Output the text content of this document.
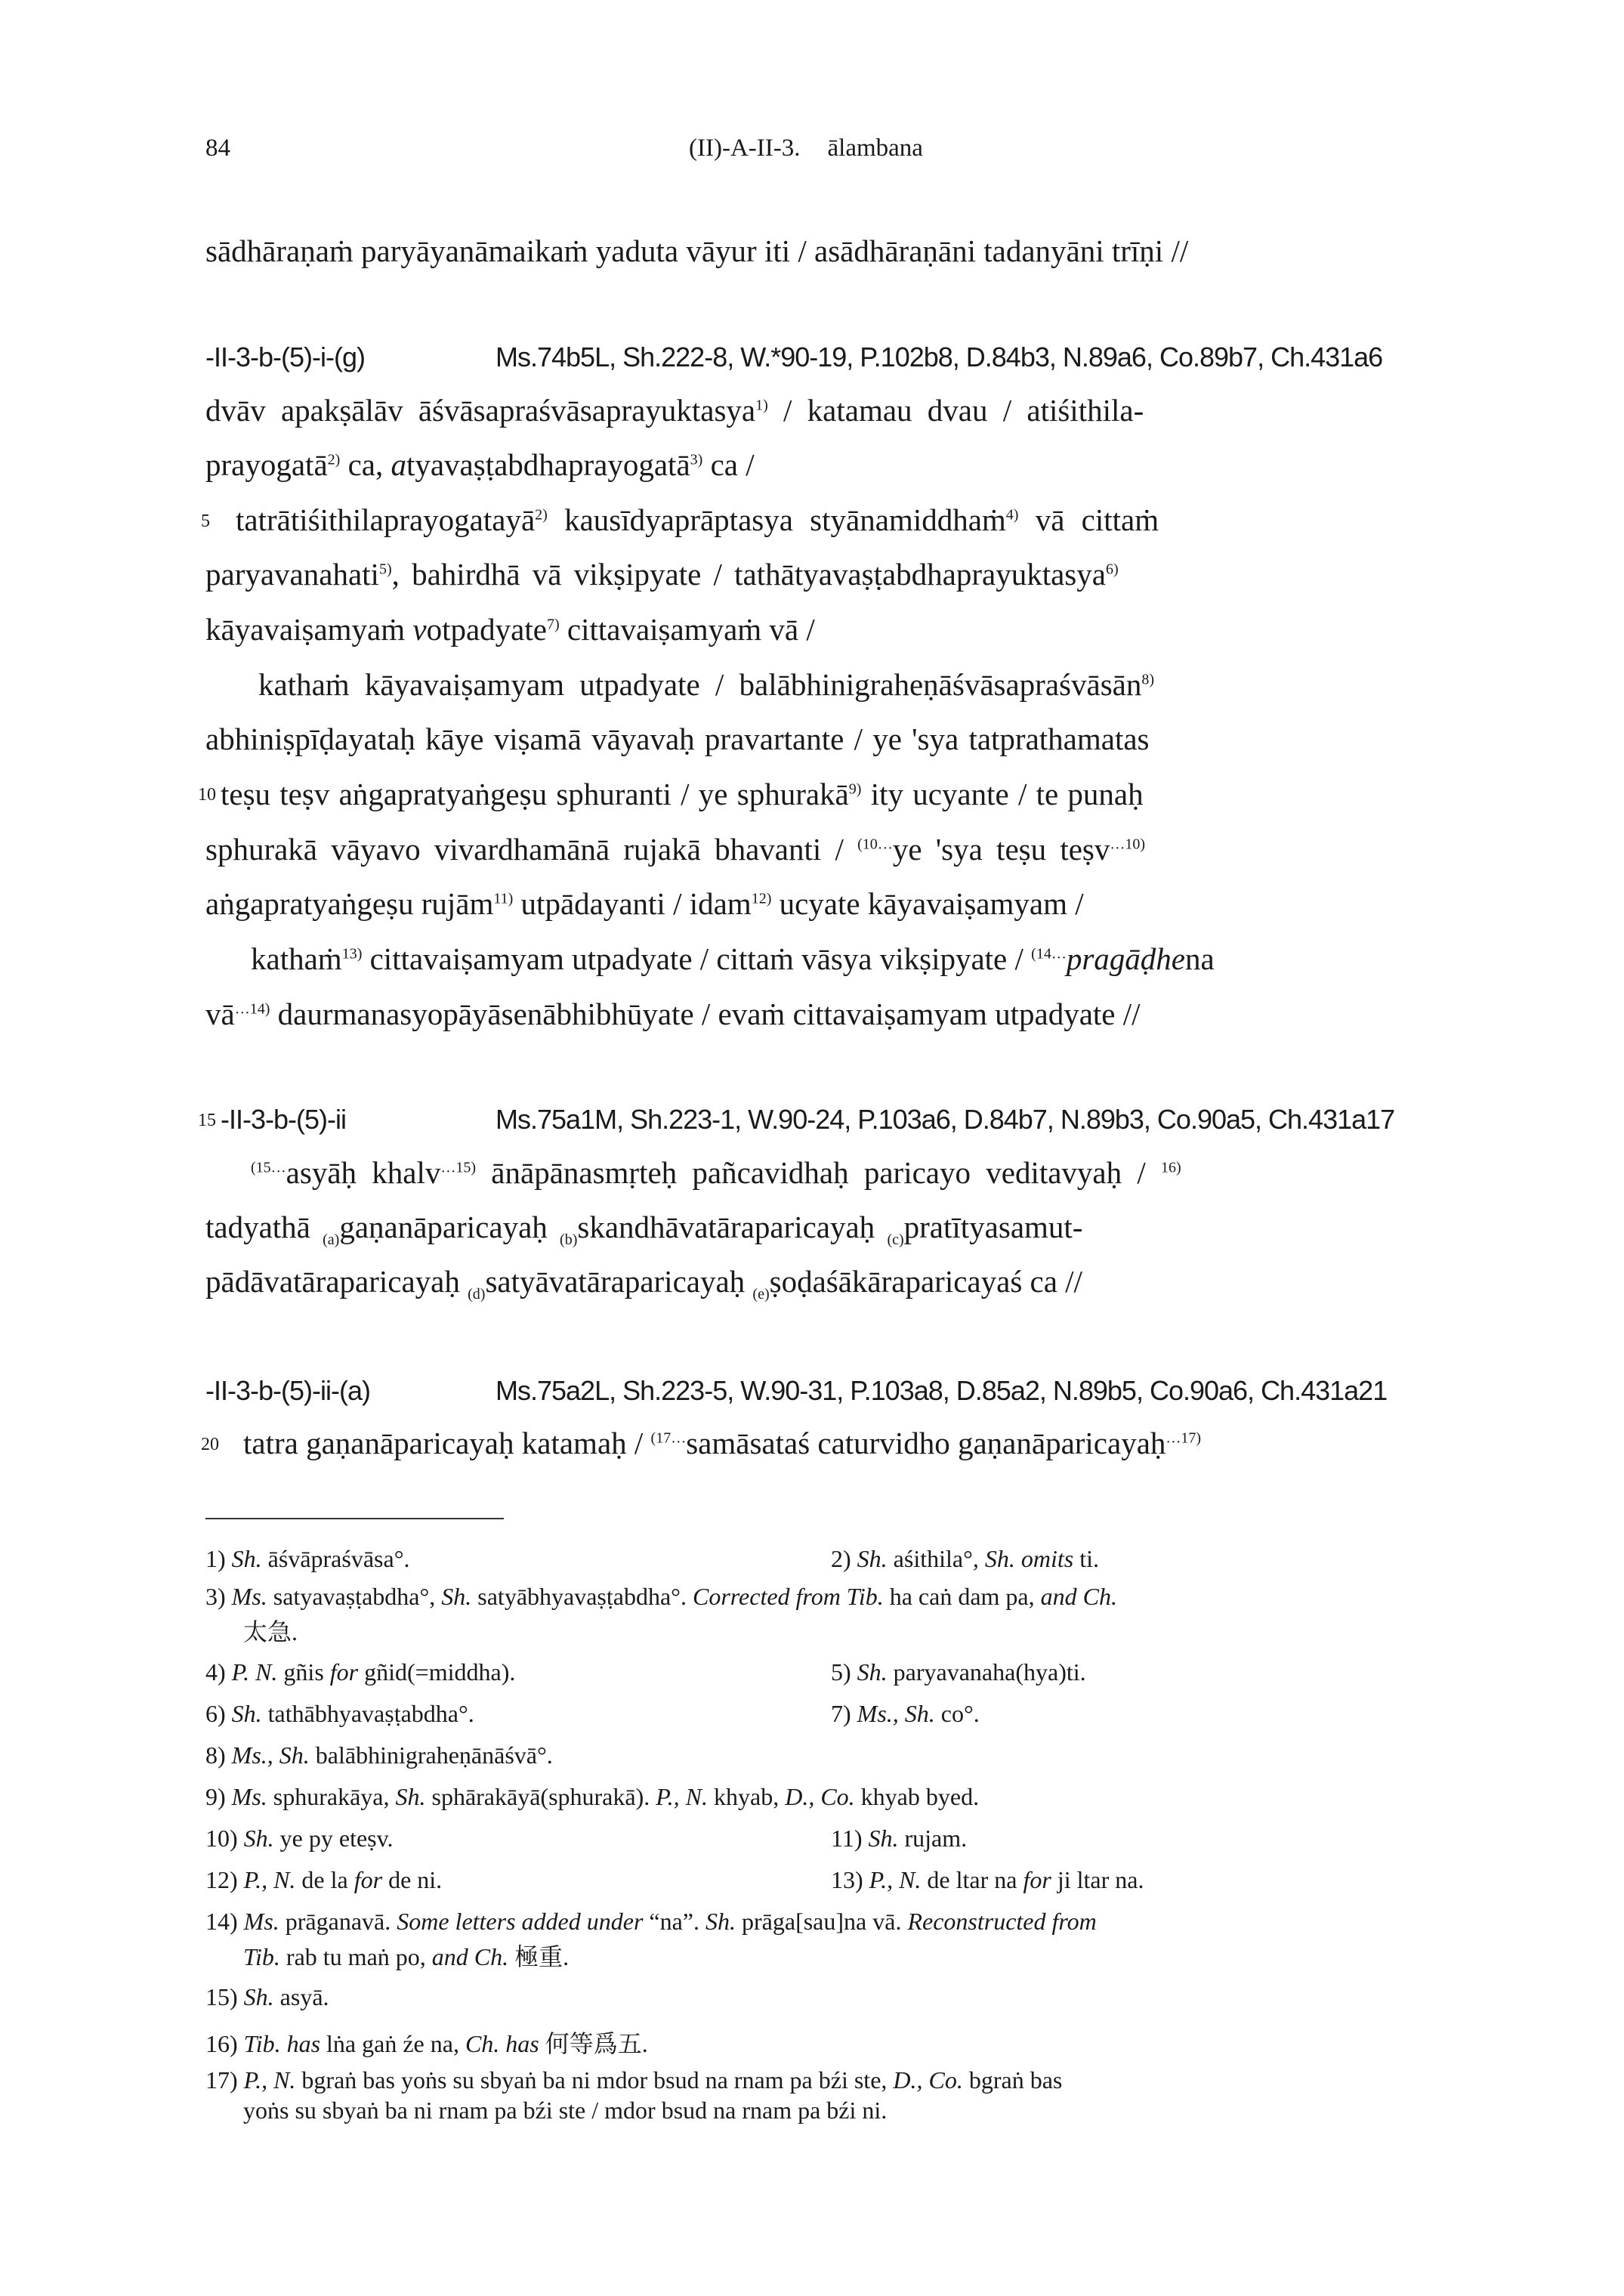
84	(II)-A-II-3. ālambana
sādhāraṇaṁ paryāyanāmaikaṁ yaduta vāyur iti / asādhāraṇāni tadanyāni trīṇi //
-II-3-b-(5)-i-(g)	Ms.74b5L, Sh.222-8, W.*90-19, P.102b8, D.84b3, N.89a6, Co.89b7, Ch.431a6
dvāv apakṣālāv āśvāsapraśvāsaprayuktasya$^{1)}$ / katamau dvau / atiśithila-
prayogatā$^{2)}$ ca, atyavaṣṭabdhaprayogatā$^{3)}$ ca /
5 tatrātiśithilaprayogatayā$^{2)}$ kausīdyaprāptasya styānamiddhaṁ$^{4)}$ vā cittaṁ
paryavanahati$^{5)}$, bahirdhā vā vikṣipyate / tathātyavaṣṭabdhaprayuktasya$^{6)}$
kāyavaiṣamyaṁ votpadyate$^{7)}$ cittavaiṣamyaṁ vā /
kathaṁ kāyavaiṣamyam utpadyate / balābhinigraheṇāśvāsapraśvāsān$^{8)}$
abhiniṣpīḍayataḥ kāye viṣamā vāyavaḥ pravartante / ye 'sya tatprathamatas
10 teṣu teṣv aṅgapratyaṅgeṣu sphuranti / ye sphurakā$^{9)}$ ity ucyante / te punaḥ
sphurakā vāyavo vivardhamānā rujakā bhavanti / $^{(10\dots}$ye 'sya teṣu teṣv$^{\dots 10)}$
aṅgapratyaṅgeṣu rujām$^{11)}$ utpādayanti / idam$^{12)}$ ucyate kāyavaiṣamyam /
kathaṁ$^{13)}$ cittavaiṣamyam utpadyate / cittaṁ vāsya vikṣipyate / $^{(14\dots}$pragāḍhena
$vā^{\dots 14)}$ daurmanasyopāyāsenābhibhūyate / evaṁ cittavaiṣamyam utpadyate //
15 -II-3-b-(5)-ii	Ms.75a1M, Sh.223-1, W.90-24, P.103a6, D.84b7, N.89b3, Co.90a5, Ch.431a17
$^{(15\dots}$asyāḥ khalv$^{\dots 15)}$ ānāpānasmṛteḥ pañcavidhaḥ paricayo veditavyaḥ / $^{16)}$
tadyathā $_{(a)}$gaṇanāparicayaḥ $_{(b)}$skandhāvatāraparicayaḥ $_{(c)}$pratītyasamut-
pādāvatāraparicayaḥ $_{(d)}$satyāvatāraparicayaḥ $_{(e)}$ṣoḍaśākāraparicayaś ca //
-II-3-b-(5)-ii-(a)	Ms.75a2L, Sh.223-5, W.90-31, P.103a8, D.85a2, N.89b5, Co.90a6, Ch.431a21
20 tatra gaṇanāparicayaḥ katamaḥ / $^{(17\dots}$samāsataś caturvidho gaṇanāparicayaḥ$^{\dots 17)}$
1) Sh. āśvāpraśvāsa°.	2) Sh. aśithila°, Sh. omits ti.
3) Ms. satyavaṣṭabdha°, Sh. satyābhyavaṣṭabdha°. Corrected from Tib. ha caṅ dam pa, and Ch.
太急.
4) P. N. gñis for gñid(=middha).	5) Sh. paryavanaha(hya)ti.
6) Sh. tathābhyavaṣṭabdha°.	7) Ms., Sh. co°.
8) Ms., Sh. balābhinigraheṇānāśvā°.
9) Ms. sphurakāya, Sh. sphārakāyā(sphurakā). P., N. khyab, D., Co. khyab byed.
10) Sh. ye py eteṣv.	11) Sh. rujam.
12) P., N. de la for de ni.	13) P., N. de ltar na for ji ltar na.
14) Ms. prāganavā. Some letters added under “na”. Sh. prāga[sau]na vā. Reconstructed from
Tib. rab tu maṅ po, and Ch. 極重.
15) Sh. asyā.
16) Tib. has lṅa gaṅ źe na, Ch. has 何等爲五.
17) P., N. bgraṅ bas yoṅs su sbyaṅ ba ni mdor bsud na rnam pa bźi ste, D., Co. bgraṅ bas
yoṅs su sbyaṅ ba ni rnam pa bźi ste / mdor bsud na rnam pa bźi ni.
